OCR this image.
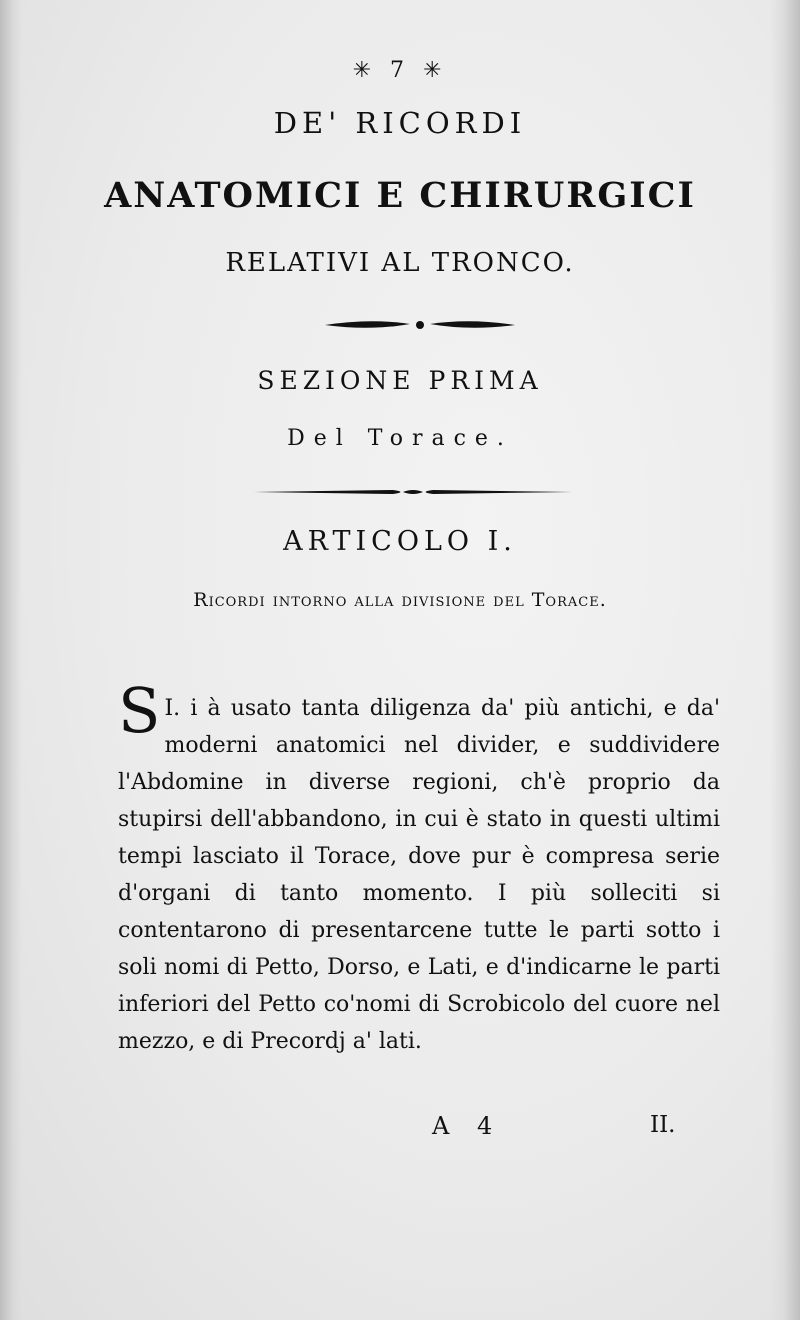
✳ 7 ✳
DE' RICORDI
ANATOMICI E CHIRURGICI
RELATIVI AL TRONCO.
SEZIONE PRIMA
Del Torace.
ARTICOLO I.
Ricordi intorno alla divisione del Torace.
I.
S i à usato tanta diligenza da' più antichi, e da' moderni anatomici nel divider, e suddividere l'Abdomine in diverse regioni, ch'è proprio da stupirsi dell'abbandono, in cui è stato in questi ultimi tempi lasciato il Torace, dove pur è compresa serie d'organi di tanto momento. I più solleciti si contentarono di presentarcene tutte le parti sotto i soli nomi di Petto, Dorso, e Lati, e d'indicarne le parti inferiori del Petto co'nomi di Scrobicolo del cuore nel mezzo, e di Precordj a' lati.
A 4	II.
